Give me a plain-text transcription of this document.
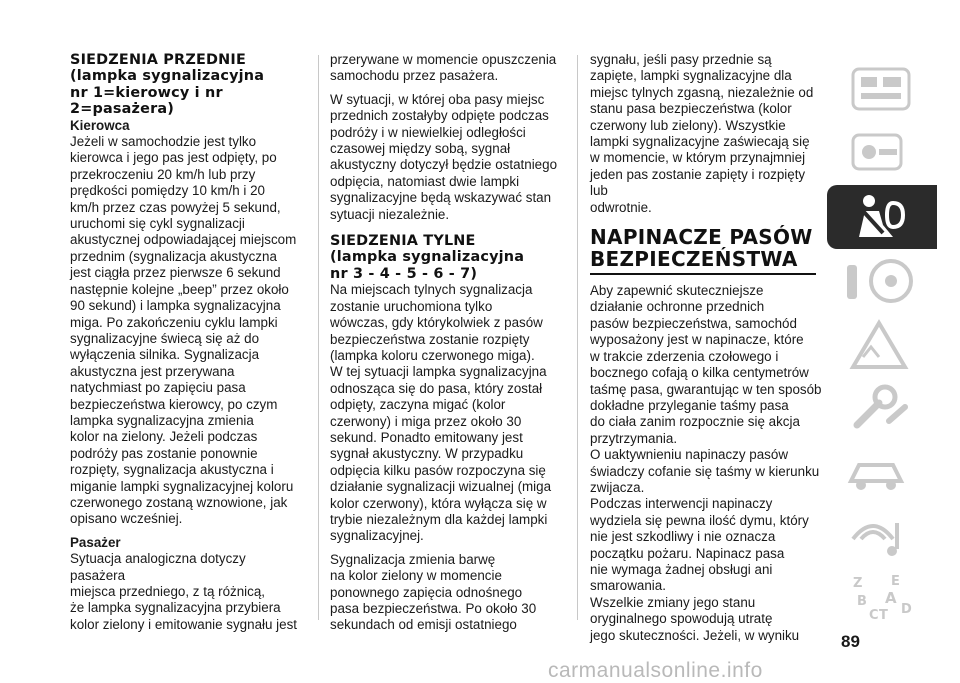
SIEDZENIA PRZEDNIE
(lampka sygnalizacyjna
nr 1=kierowcy i nr
2=pasażera)
Kierowca

Jeżeli w samochodzie jest tylko

kierowca i jego pas jest odpięty, po

przekroczeniu 20 km/h lub przy

prędkości pomiędzy 10 km/h i 20

km/h przez czas powyżej 5 sekund,

uruchomi się cykl sygnalizacji

akustycznej odpowiadającej miejscom

przednim (sygnalizacja akustyczna

jest ciągła przez pierwsze 6 sekund

następnie kolejne „beep” przez około

90 sekund) i lampka sygnalizacyjna

miga. Po zakończeniu cyklu lampki

sygnalizacyjne świecą się aż do

wyłączenia silnika. Sygnalizacja

akustyczna jest przerywana

natychmiast po zapięciu pasa

bezpieczeństwa kierowcy, po czym

lampka sygnalizacyjna zmienia

kolor na zielony. Jeżeli podczas

podróży pas zostanie ponownie

rozpięty, sygnalizacja akustyczna i

miganie lampki sygnalizacyjnej koloru

czerwonego zostaną wznowione, jak

opisano wcześniej.

Pasażer

Sytuacja analogiczna dotyczy pasażera

miejsca przedniego, z tą różnicą,

że lampka sygnalizacyjna przybiera

kolor zielony i emitowanie sygnału jest

przerywane w momencie opuszczenia

samochodu przez pasażera.

W sytuacji, w której oba pasy miejsc

przednich zostałyby odpięte podczas

podróży i w niewielkiej odległości

czasowej między sobą, sygnał

akustyczny dotyczył będzie ostatniego

odpięcia, natomiast dwie lampki

sygnalizacyjne będą wskazywać stan

sytuacji niezależnie.

SIEDZENIA TYLNE
(lampka sygnalizacyjna
nr 3 - 4 - 5 - 6 - 7)

Na miejscach tylnych sygnalizacja

zostanie uruchomiona tylko

wówczas, gdy którykolwiek z pasów

bezpieczeństwa zostanie rozpięty

(lampka koloru czerwonego miga).

W tej sytuacji lampka sygnalizacyjna

odnosząca się do pasa, który został

odpięty, zaczyna migać (kolor

czerwony) i miga przez około 30

sekund. Ponadto emitowany jest

sygnał akustyczny. W przypadku

odpięcia kilku pasów rozpoczyna się

działanie sygnalizacji wizualnej (miga

kolor czerwony), która wyłącza się w

trybie niezależnym dla każdej lampki

sygnalizacyjnej.

Sygnalizacja zmienia barwę

na kolor zielony w momencie

ponownego zapięcia odnośnego

pasa bezpieczeństwa. Po około 30

sekundach od emisji ostatniego

sygnału, jeśli pasy przednie są

zapięte, lampki sygnalizacyjne dla

miejsc tylnych zgasną, niezależnie od

stanu pasa bezpieczeństwa (kolor

czerwony lub zielony). Wszystkie

lampki sygnalizacyjne zaświecają się

w momencie, w którym przynajmniej

jeden pas zostanie zapięty i rozpięty lub

odwrotnie.

NAPINACZE PASÓW
BEZPIECZEŃSTWA

Aby zapewnić skuteczniejsze

działanie ochronne przednich

pasów bezpieczeństwa, samochód

wyposażony jest w napinacze, które

w trakcie zderzenia czołowego i

bocznego cofają o kilka centymetrów

taśmę pasa, gwarantując w ten sposób

dokładne przyleganie taśmy pasa

do ciała zanim rozpocznie się akcja

przytrzymania.

O uaktywnieniu napinaczy pasów

świadczy cofanie się taśmy w kierunku

zwijacza.

Podczas interwencji napinaczy

wydziela się pewna ilość dymu, który

nie jest szkodliwy i nie oznacza

początku pożaru. Napinacz pasa

nie wymaga żadnej obsługi ani

smarowania.

Wszelkie zmiany jego stanu

oryginalnego spowodują utratę

jego skuteczności. Jeżeli, w wyniku

Z E
B A
C D
T
89
carmanualsonline.info
